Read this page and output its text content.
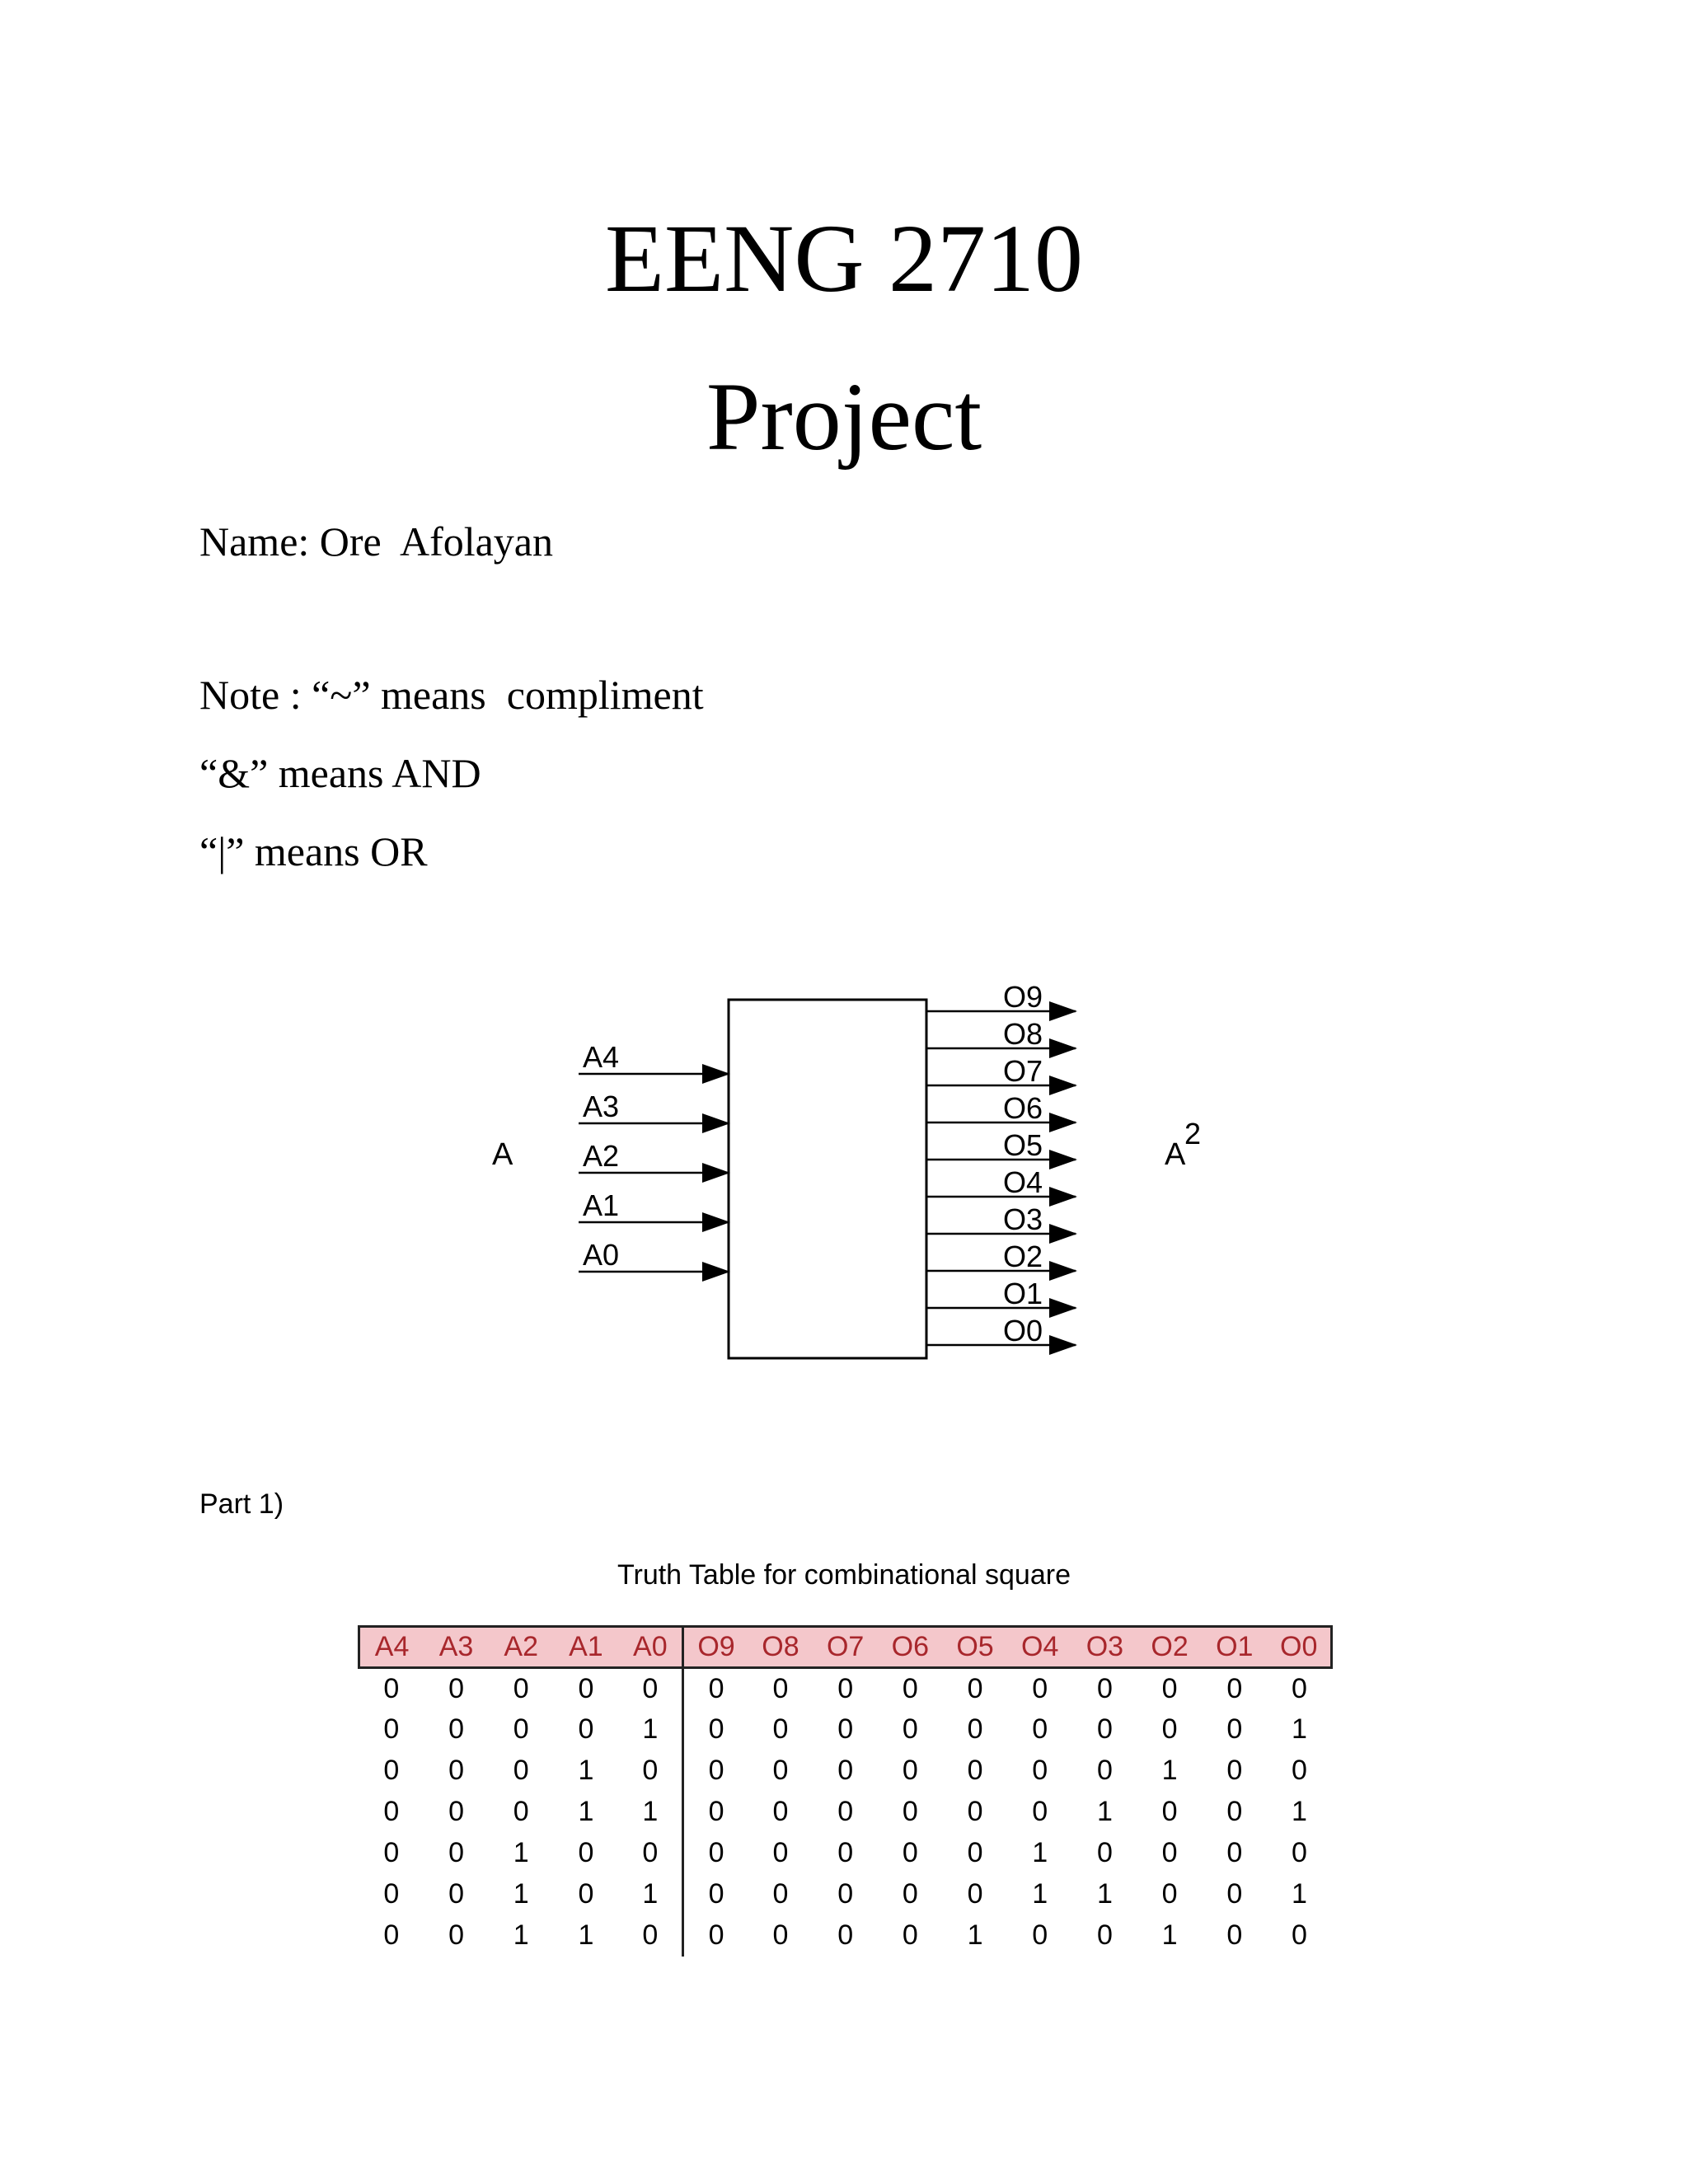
EENG 2710
Project
Name: Ore  Afolayan
Note : “~” means  compliment
“&” means AND
“|” means OR
A	A
2
A4
A3
A2
A1
A0
O9
O8
O7
O6
O5
O4
O3
O2
O1
O0
Part 1)
Truth Table for combinational square
A4	A3	A2	A1	A0	O9	O8	O7	O6	O5	O4	O3	O2	O1	O0
0	0	0	0	0	0	0	0	0	0	0	0	0	0	0
0	0	0	0	1	0	0	0	0	0	0	0	0	0	1
0	0	0	1	0	0	0	0	0	0	0	0	1	0	0
0	0	0	1	1	0	0	0	0	0	0	1	0	0	1
0	0	1	0	0	0	0	0	0	0	1	0	0	0	0
0	0	1	0	1	0	0	0	0	0	1	1	0	0	1
0	0	1	1	0	0	0	0	0	1	0	0	1	0	0
